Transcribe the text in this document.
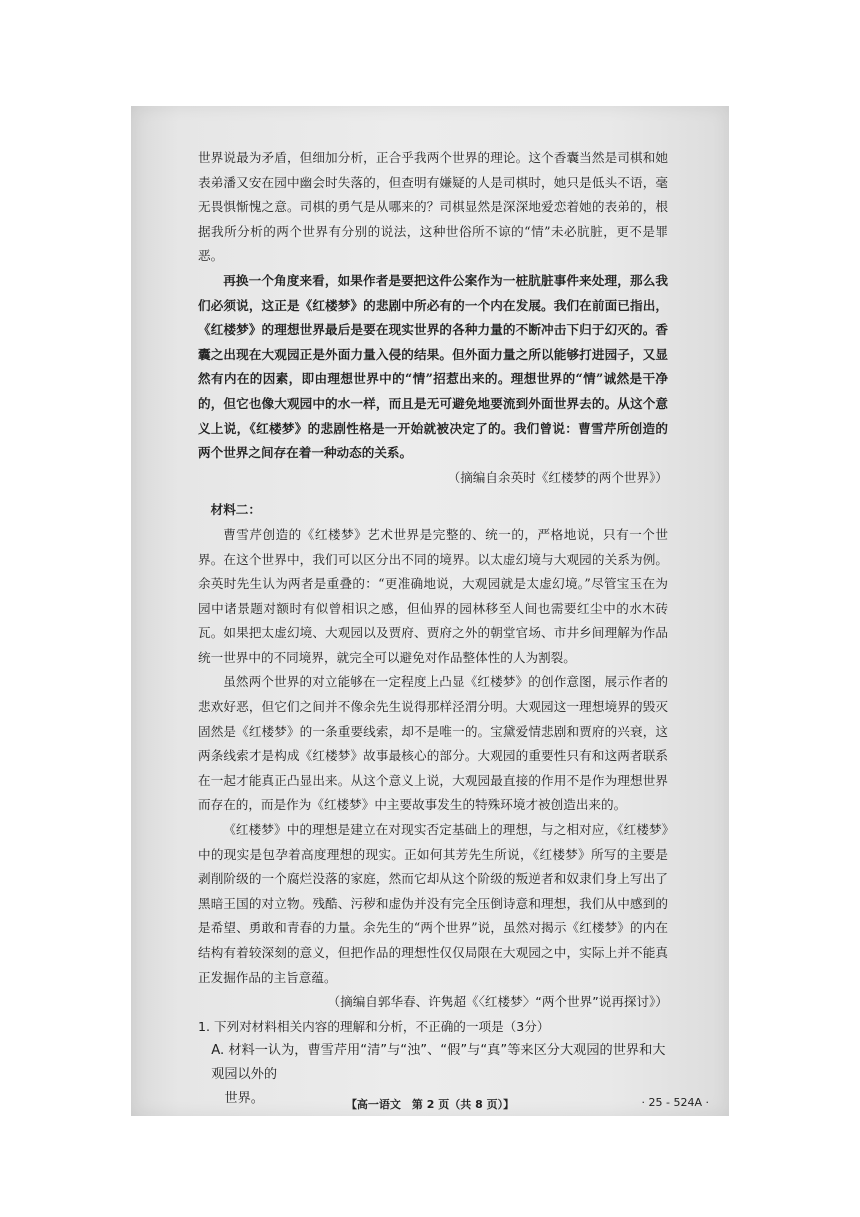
世界说最为矛盾，但细加分析，正合乎我两个世界的理论。这个香囊当然是司棋和她表弟潘又安在园中幽会时失落的，但查明有嫌疑的人是司棋时，她只是低头不语，毫无畏惧惭愧之意。司棋的勇气是从哪来的？司棋显然是深深地爱恋着她的表弟的，根据我所分析的两个世界有分别的说法，这种世俗所不谅的“情”未必肮脏，更不是罪恶。

再换一个角度来看，如果作者是要把这件公案作为一桩肮脏事件来处理，那么我们必须说，这正是《红楼梦》的悲剧中所必有的一个内在发展。我们在前面已指出，《红楼梦》的理想世界最后是要在现实世界的各种力量的不断冲击下归于幻灭的。香囊之出现在大观园正是外面力量入侵的结果。但外面力量之所以能够打进园子，又显然有内在的因素，即由理想世界中的“情”招惹出来的。理想世界的“情”诚然是干净的，但它也像大观园中的水一样，而且是无可避免地要流到外面世界去的。从这个意义上说，《红楼梦》的悲剧性格是一开始就被决定了的。我们曾说：曹雪芹所创造的两个世界之间存在着一种动态的关系。

（摘编自余英时《红楼梦的两个世界》）

材料二：

曹雪芹创造的《红楼梦》艺术世界是完整的、统一的，严格地说，只有一个世界。在这个世界中，我们可以区分出不同的境界。以太虚幻境与大观园的关系为例。余英时先生认为两者是重叠的：“更准确地说，大观园就是太虚幻境。”尽管宝玉在为园中诸景题对额时有似曾相识之感，但仙界的园林移至人间也需要红尘中的水木砖瓦。如果把太虚幻境、大观园以及贾府、贾府之外的朝堂官场、市井乡间理解为作品统一世界中的不同境界，就完全可以避免对作品整体性的人为割裂。

虽然两个世界的对立能够在一定程度上凸显《红楼梦》的创作意图，展示作者的悲欢好恶，但它们之间并不像余先生说得那样泾渭分明。大观园这一理想境界的毁灭固然是《红楼梦》的一条重要线索，却不是唯一的。宝黛爱情悲剧和贾府的兴衰，这两条线索才是构成《红楼梦》故事最核心的部分。大观园的重要性只有和这两者联系在一起才能真正凸显出来。从这个意义上说，大观园最直接的作用不是作为理想世界而存在的，而是作为《红楼梦》中主要故事发生的特殊环境才被创造出来的。

《红楼梦》中的理想是建立在对现实否定基础上的理想，与之相对应，《红楼梦》中的现实是包孕着高度理想的现实。正如何其芳先生所说，《红楼梦》所写的主要是剥削阶级的一个腐烂没落的家庭，然而它却从这个阶级的叛逆者和奴隶们身上写出了黑暗王国的对立物。残酷、污秽和虚伪并没有完全压倒诗意和理想，我们从中感到的是希望、勇敢和青春的力量。余先生的“两个世界”说，虽然对揭示《红楼梦》的内在结构有着较深刻的意义，但把作品的理想性仅仅局限在大观园之中，实际上并不能真正发掘作品的主旨意蕴。

（摘编自郭华春、许隽超《〈红楼梦〉“两个世界”说再探讨》）

1. 下列对材料相关内容的理解和分析，不正确的一项是（3分）

A. 材料一认为，曹雪芹用“清”与“浊”、“假”与“真”等来区分大观园的世界和大观园以外的

世界。	【高一语文　第 2 页（共 8 页）】	· 25 - 524A ·
